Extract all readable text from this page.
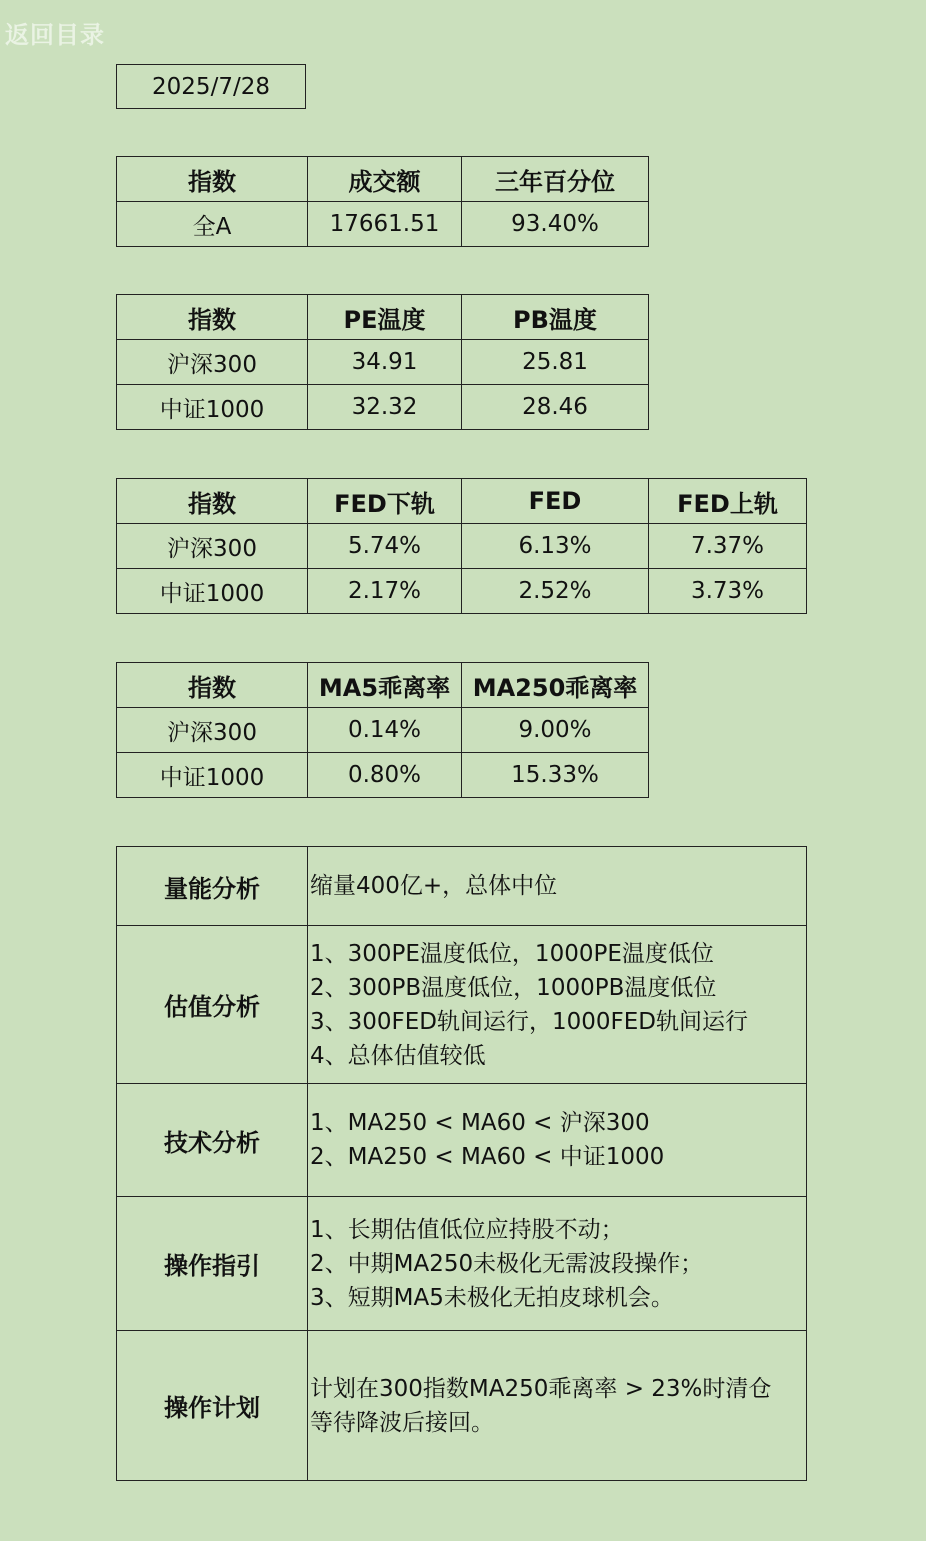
返回目录
2025/7/28
指数	成交额	三年百分位
全A	17661.51	93.40%
指数	PE温度	PB温度
沪深300	34.91	25.81
中证1000	32.32	28.46
指数	FED下轨	FED	FED上轨
沪深300	5.74%	6.13%	7.37%
中证1000	2.17%	2.52%	3.73%
指数	MA5乖离率	MA250乖离率
沪深300	0.14%	9.00%
中证1000	0.80%	15.33%
量能分析	缩量400亿+，总体中位

估值分析	1、300PE温度低位，1000PE温度低位
2、300PB温度低位，1000PB温度低位
3、300FED轨间运行，1000FED轨间运行
4、总体估值较低

技术分析	1、MA250 < MA60 < 沪深300
2、MA250 < MA60 < 中证1000

操作指引	1、长期估值低位应持股不动；
2、中期MA250未极化无需波段操作；
3、短期MA5未极化无拍皮球机会。

操作计划	计划在300指数MA250乖离率 > 23%时清仓
等待降波后接回。
